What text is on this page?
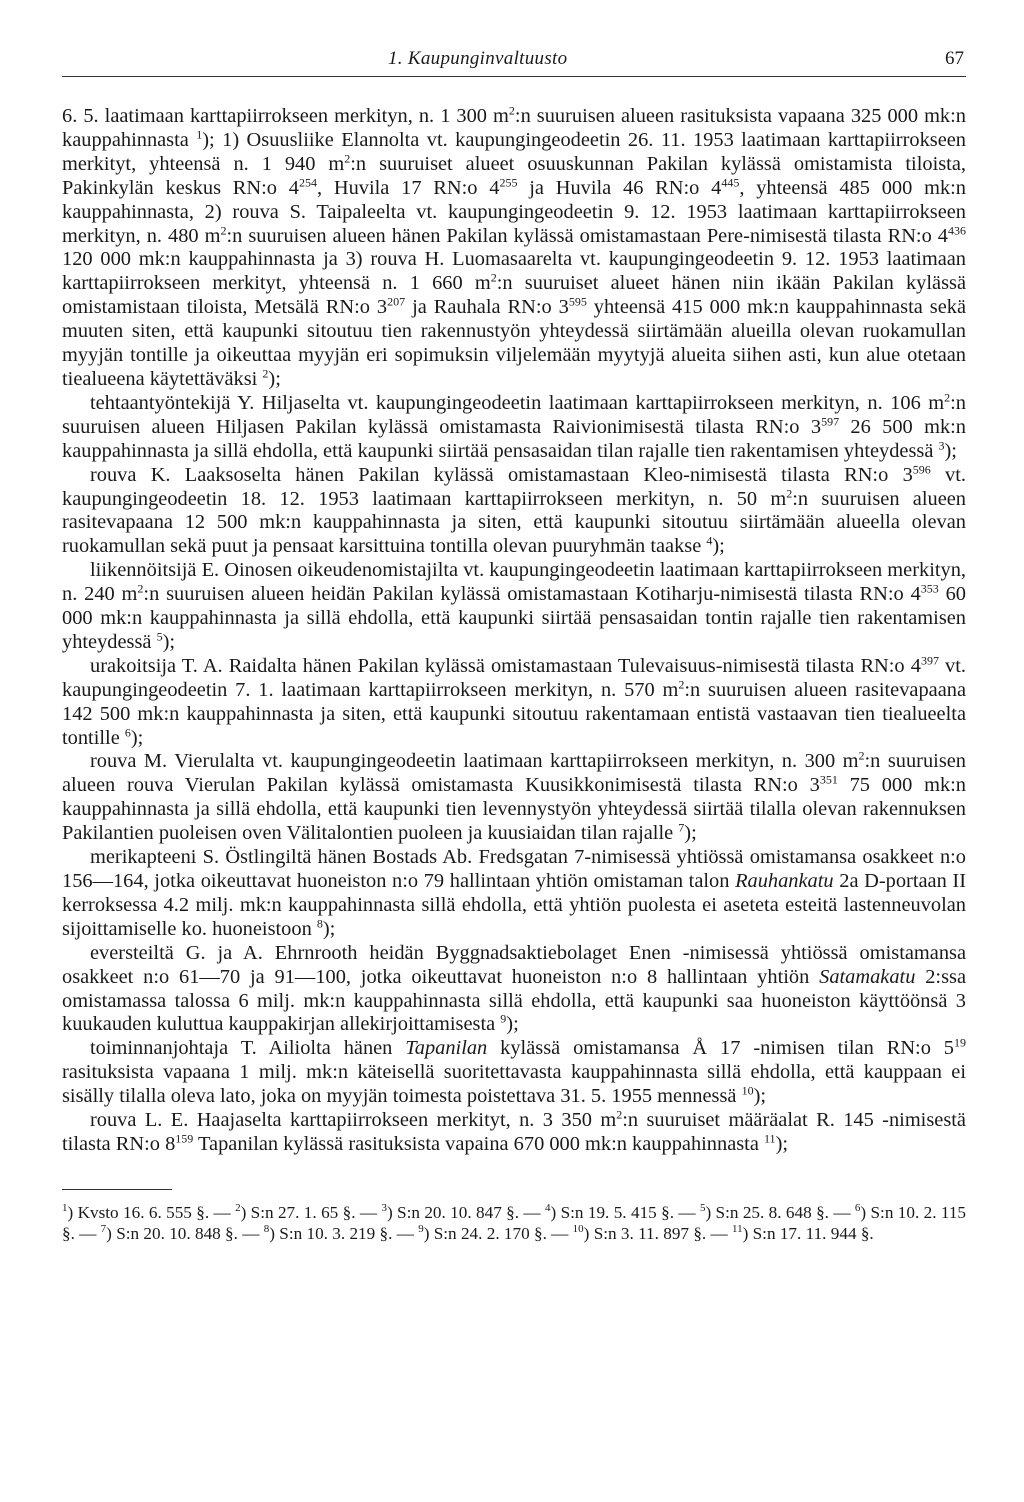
1. Kaupunginvaltuusto	67

6. 5. laatimaan karttapiirrokseen merkityn, n. 1 300 $m^2:n$ suuruisen alueen rasituksista vapaana 325 000 mk:n kauppahinnasta $^1$); 1) Osuusliike Elannolta vt. kaupungingeodeetin 26. 11. 1953 laatimaan karttapiirrokseen merkityt, yhteensä n. 1 940 $m^2:n$ suuruiset alueet osuuskunnan Pakilan kylässä omistamista tiloista, Pakinkylän keskus RN:o $4^{254}$, Huvila 17 RN:o $4^{255}$ ja Huvila 46 RN:o $4^{445}$, yhteensä 485 000 mk:n kauppahinnasta, 2) rouva S. Taipaleelta vt. kaupungingeodeetin 9. 12. 1953 laatimaan karttapiirrokseen merkityn, n. 480 $m^2:n$ suuruisen alueen hänen Pakilan kylässä omistamastaan Pere-nimisestä tilasta RN:o $4^{436}$ 120 000 mk:n kauppahinnasta ja 3) rouva H. Luomasaarelta vt. kaupungingeodeetin 9. 12. 1953 laatimaan karttapiirrokseen merkityt, yhteensä n. 1 660 $m^2:n$ suuruiset alueet hänen niin ikään Pakilan kylässä omistamistaan tiloista, Metsälä RN:o $3^{207}$ ja Rauhala RN:o $3^{595}$ yhteensä 415 000 mk:n kauppahinnasta sekä muuten siten, että kaupunki sitoutuu tien rakennustyön yhteydessä siirtämään alueilla olevan ruokamullan myyjän tontille ja oikeuttaa myyjän eri sopimuksin viljelemään myytyjä alueita siihen asti, kun alue otetaan tiealueena käytettäväksi $^2$);

tehtaantyöntekijä Y. Hiljaselta vt. kaupungingeodeetin laatimaan karttapiirrokseen merkityn, n. 106 $m^2:n$ suuruisen alueen Hiljasen Pakilan kylässä omistamasta Raivionimisestä tilasta RN:o $3^{597}$ 26 500 mk:n kauppahinnasta ja sillä ehdolla, että kaupunki siirtää pensasaidan tilan rajalle tien rakentamisen yhteydessä $^3$);

rouva K. Laaksoselta hänen Pakilan kylässä omistamastaan Kleo-nimisestä tilasta RN:o $3^{596}$ vt. kaupungingeodeetin 18. 12. 1953 laatimaan karttapiirrokseen merkityn, n. 50 $m^2:n$ suuruisen alueen rasitevapaana 12 500 mk:n kauppahinnasta ja siten, että kaupunki sitoutuu siirtämään alueella olevan ruokamullan sekä puut ja pensaat karsittuina tontilla olevan puuryhmän taakse $^4$);

liikennöitsijä E. Oinosen oikeudenomistajilta vt. kaupungingeodeetin laatimaan karttapiirrokseen merkityn, n. 240 $m^2:n$ suuruisen alueen heidän Pakilan kylässä omistamastaan Kotiharju-nimisestä tilasta RN:o $4^{353}$ 60 000 mk:n kauppahinnasta ja sillä ehdolla, että kaupunki siirtää pensasaidan tontin rajalle tien rakentamisen yhteydessä $^5$);

urakoitsija T. A. Raidalta hänen Pakilan kylässä omistamastaan Tulevaisuus-nimisestä tilasta RN:o $4^{397}$ vt. kaupungingeodeetin 7. 1. laatimaan karttapiirrokseen merkityn, n. 570 $m^2:n$ suuruisen alueen rasitevapaana 142 500 mk:n kauppahinnasta ja siten, että kaupunki sitoutuu rakentamaan entistä vastaavan tien tiealueelta tontille $^6$);

rouva M. Vierulalta vt. kaupungingeodeetin laatimaan karttapiirrokseen merkityn, n. 300 $m^2:n$ suuruisen alueen rouva Vierulan Pakilan kylässä omistamasta Kuusikkonimisestä tilasta RN:o $3^{351}$ 75 000 mk:n kauppahinnasta ja sillä ehdolla, että kaupunki tien levennystyön yhteydessä siirtää tilalla olevan rakennuksen Pakilantien puoleisen oven Välitalontien puoleen ja kuusiaidan tilan rajalle $^7$);

merikapteeni S. Östlingiltä hänen Bostads Ab. Fredsgatan 7-nimisessä yhtiössä omistamansa osakkeet n:o 156—164, jotka oikeuttavat huoneiston n:o 79 hallintaan yhtiön omistaman talon Rauhankatu 2a D-portaan II kerroksessa 4.2 milj. mk:n kauppahinnasta sillä ehdolla, että yhtiön puolesta ei aseteta esteitä lastenneuvolan sijoittamiselle ko. huoneistoon $^8$);

eversteiltä G. ja A. Ehrnrooth heidän Byggnadsaktiebolaget Enen -nimisessä yhtiössä omistamansa osakkeet n:o 61—70 ja 91—100, jotka oikeuttavat huoneiston n:o 8 hallintaan yhtiön Satamakatu 2:ssa omistamassa talossa 6 milj. mk:n kauppahinnasta sillä ehdolla, että kaupunki saa huoneiston käyttöönsä 3 kuukauden kuluttua kauppakirjan allekirjoittamisesta $^9$);

toiminnanjohtaja T. Ailiolta hänen Tapanilan kylässä omistamansa Å 17 -nimisen tilan RN:o $5^{19}$ rasituksista vapaana 1 milj. mk:n käteisellä suoritettavasta kauppahinnasta sillä ehdolla, että kauppaan ei sisälly tilalla oleva lato, joka on myyjän toimesta poistettava 31. 5. 1955 mennessä $^{10}$);

rouva L. E. Haajaselta karttapiirrokseen merkityt, n. 3 350 $m^2:n$ suuruiset määräalat R. 145 -nimisestä tilasta RN:o $8^{159}$ Tapanilan kylässä rasituksista vapaina 670 000 mk:n kauppahinnasta $^{11}$);

$^1$) Kvsto 16. 6. 555 §. — $^2$) S:n 27. 1. 65 §. — $^3$) S:n 20. 10. 847 §. — $^4$) S:n 19. 5. 415 §. — $^5$) S:n 25. 8. 648 §. — $^6$) S:n 10. 2. 115 §. — $^7$) S:n 20. 10. 848 §. — $^8$) S:n 10. 3. 219 §. — $^9$) S:n 24. 2. 170 §. — $^{10}$) S:n 3. 11. 897 §. — $^{11}$) S:n 17. 11. 944 §.
